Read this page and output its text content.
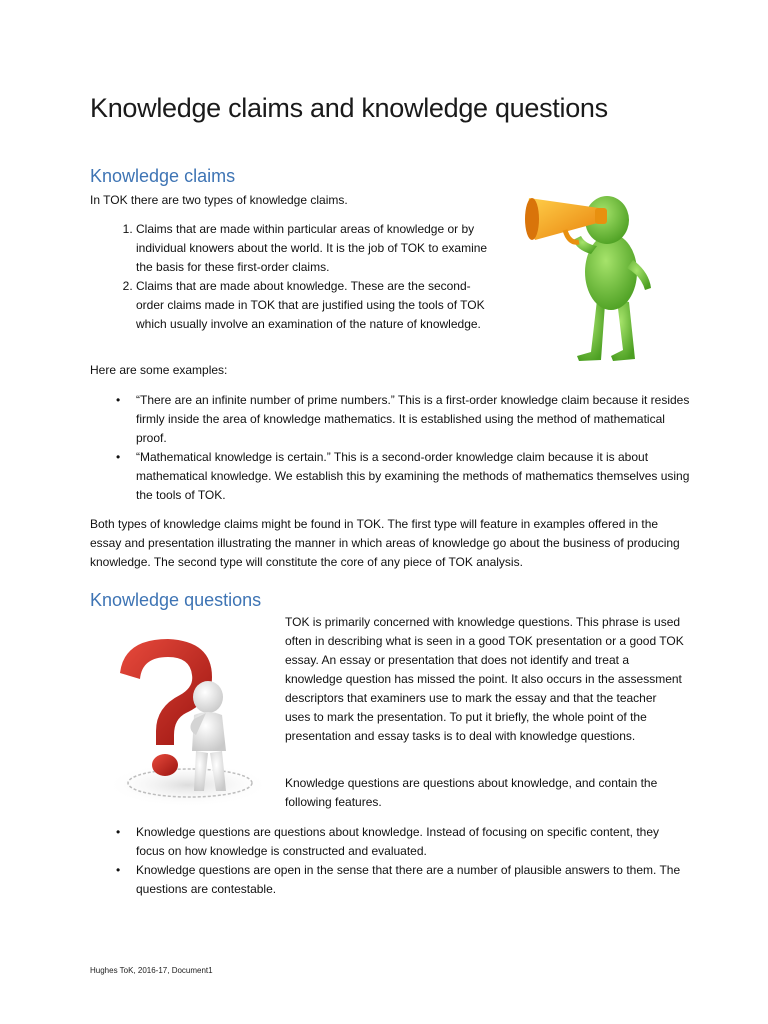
Knowledge claims and knowledge questions
Knowledge claims

In TOK there are two types of knowledge claims.

1. Claims that are made within particular areas of knowledge or by individual knowers about the world. It is the job of TOK to examine the basis for these first-order claims.
2. Claims that are made about knowledge. These are the second-order claims made in TOK that are justified using the tools of TOK which usually involve an examination of the nature of knowledge.

Here are some examples:

• “There are an infinite number of prime numbers.” This is a first-order knowledge claim because it resides firmly inside the area of knowledge mathematics. It is established using the method of mathematical proof.
• “Mathematical knowledge is certain.” This is a second-order knowledge claim because it is about mathematical knowledge. We establish this by examining the methods of mathematics themselves using the tools of TOK.

Both types of knowledge claims might be found in TOK. The first type will feature in examples offered in the essay and presentation illustrating the manner in which areas of knowledge go about the business of producing knowledge. The second type will constitute the core of any piece of TOK analysis.

Knowledge questions

TOK is primarily concerned with knowledge questions. This phrase is used often in describing what is seen in a good TOK presentation or a good TOK essay. An essay or presentation that does not identify and treat a knowledge question has missed the point. It also occurs in the assessment descriptors that examiners use to mark the essay and that the teacher uses to mark the presentation. To put it briefly, the whole point of the presentation and essay tasks is to deal with knowledge questions.

Knowledge questions are questions about knowledge, and contain the following features.

• Knowledge questions are questions about knowledge. Instead of focusing on specific content, they focus on how knowledge is constructed and evaluated.
• Knowledge questions are open in the sense that there are a number of plausible answers to them. The questions are contestable.
Hughes ToK, 2016-17, Document1
